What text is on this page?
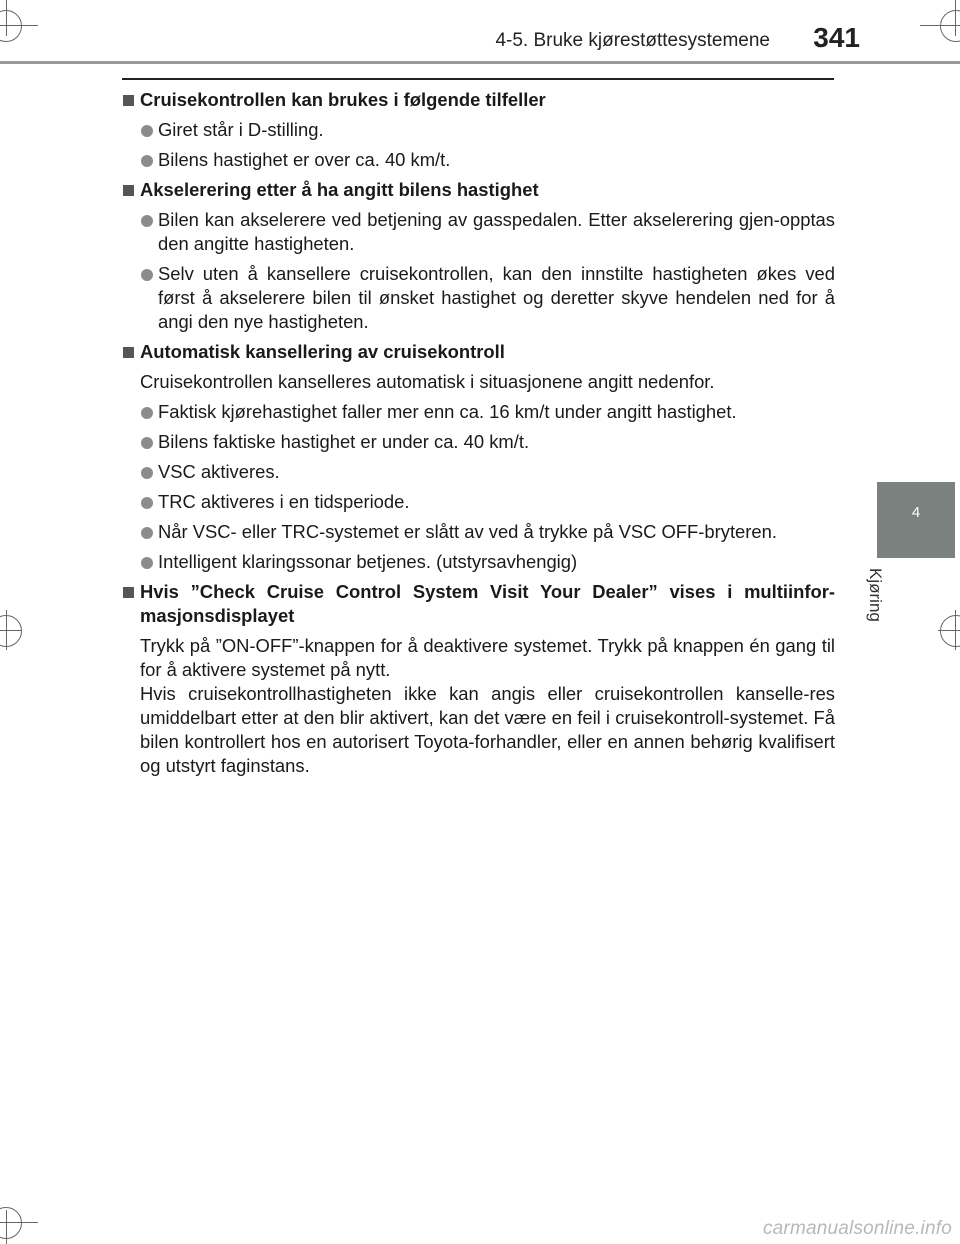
4-5. Bruke kjørestøttesystemene 341
4
Kjøring
Cruisekontrollen kan brukes i følgende tilfeller
Giret står i D-stilling.
Bilens hastighet er over ca. 40 km/t.
Akselerering etter å ha angitt bilens hastighet
Bilen kan akselerere ved betjening av gasspedalen. Etter akselerering gjen-opptas den angitte hastigheten.
Selv uten å kansellere cruisekontrollen, kan den innstilte hastigheten økes ved først å akselerere bilen til ønsket hastighet og deretter skyve hendelen ned for å angi den nye hastigheten.
Automatisk kansellering av cruisekontroll
Cruisekontrollen kanselleres automatisk i situasjonene angitt nedenfor.
Faktisk kjørehastighet faller mer enn ca. 16 km/t under angitt hastighet.
Bilens faktiske hastighet er under ca. 40 km/t.
VSC aktiveres.
TRC aktiveres i en tidsperiode.
Når VSC- eller TRC-systemet er slått av ved å trykke på VSC OFF-bryteren.
Intelligent klaringssonar betjenes. (utstyrsavhengig)
Hvis ”Check Cruise Control System Visit Your Dealer” vises i multiinfor-masjonsdisplayet
Trykk på ”ON-OFF”-knappen for å deaktivere systemet. Trykk på knappen én gang til for å aktivere systemet på nytt.
Hvis cruisekontrollhastigheten ikke kan angis eller cruisekontrollen kanselle-res umiddelbart etter at den blir aktivert, kan det være en feil i cruisekontroll-systemet. Få bilen kontrollert hos en autorisert Toyota-forhandler, eller en annen behørig kvalifisert og utstyrt faginstans.
carmanualsonline.info
